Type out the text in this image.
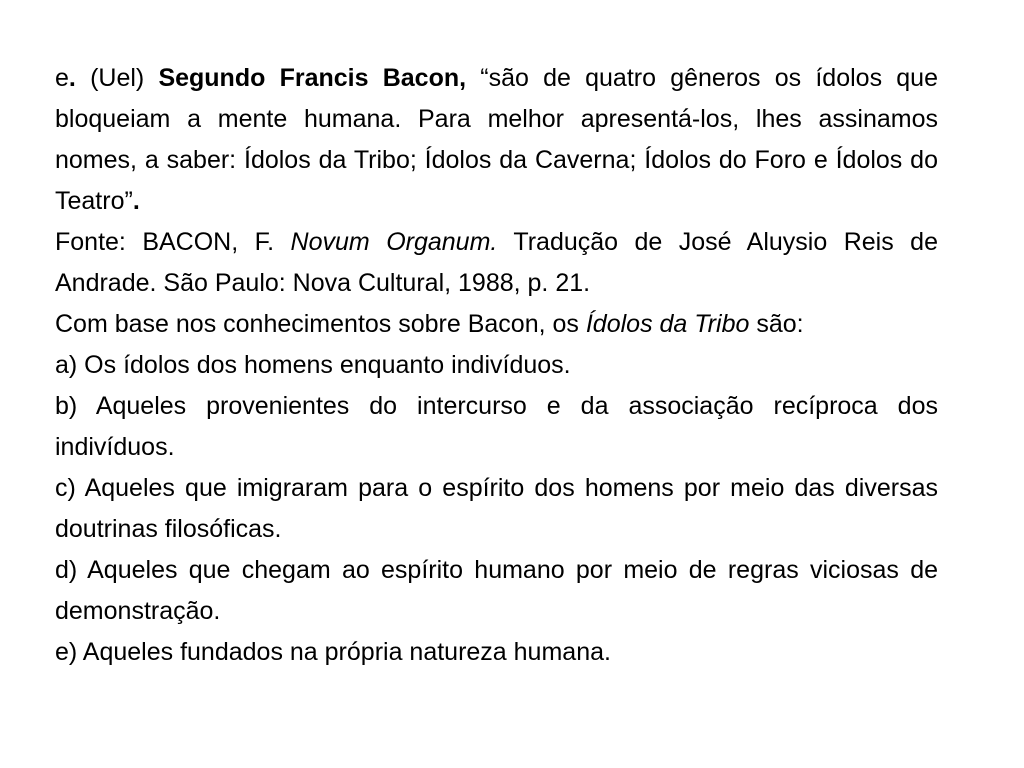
e. (Uel) Segundo Francis Bacon, “são de quatro gêneros os ídolos que bloqueiam a mente humana. Para melhor apresentá-los, lhes assinamos nomes, a saber: Ídolos da Tribo; Ídolos da Caverna; Ídolos do Foro e Ídolos do Teatro”.

Fonte: BACON, F. Novum Organum. Tradução de José Aluysio Reis de Andrade. São Paulo: Nova Cultural, 1988, p. 21.

Com base nos conhecimentos sobre Bacon, os Ídolos da Tribo são:

a) Os ídolos dos homens enquanto indivíduos.

b) Aqueles provenientes do intercurso e da associação recíproca dos indivíduos.

c) Aqueles que imigraram para o espírito dos homens por meio das diversas doutrinas filosóficas.

d) Aqueles que chegam ao espírito humano por meio de regras viciosas de demonstração.

e) Aqueles fundados na própria natureza humana.
